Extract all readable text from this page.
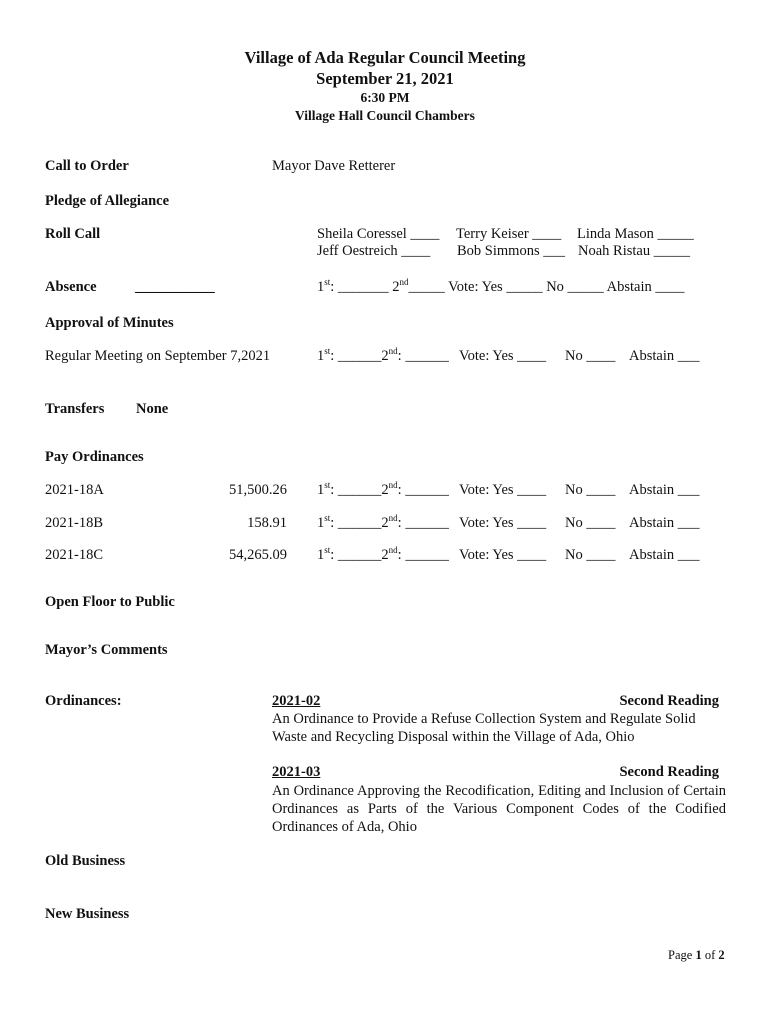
Village of Ada Regular Council Meeting
September 21, 2021
6:30 PM
Village Hall Council Chambers
Call to Order	Mayor Dave Retterer
Pledge of Allegiance
Roll Call	Sheila Coressel ____ Terry Keiser ____ Linda Mason _____
Jeff Oestreich ____ Bob Simmons ___ Noah Ristau _____
Absence	___________	1st: _______ 2nd_____ Vote: Yes _____ No _____ Abstain ____
Approval of Minutes
Regular Meeting on September 7,2021	1st: ______2nd: ______ Vote: Yes ____ No ____ Abstain ___
Transfers None
Pay Ordinances
2021-18A	51,500.26 1st: ______2nd: ______ Vote: Yes ____ No ____ Abstain ___
2021-18B	158.91 1st: ______2nd: ______ Vote: Yes ____ No ____ Abstain ___
2021-18C	54,265.09 1st: ______2nd: ______ Vote: Yes ____ No ____ Abstain ___
Open Floor to Public
Mayor’s Comments
Ordinances:	2021-02	Second Reading
An Ordinance to Provide a Refuse Collection System and Regulate Solid Waste and Recycling Disposal within the Village of Ada, Ohio
2021-03	Second Reading
An Ordinance Approving the Recodification, Editing and Inclusion of Certain Ordinances as Parts of the Various Component Codes of the Codified Ordinances of Ada, Ohio
Old Business
New Business
Page 1 of 2
